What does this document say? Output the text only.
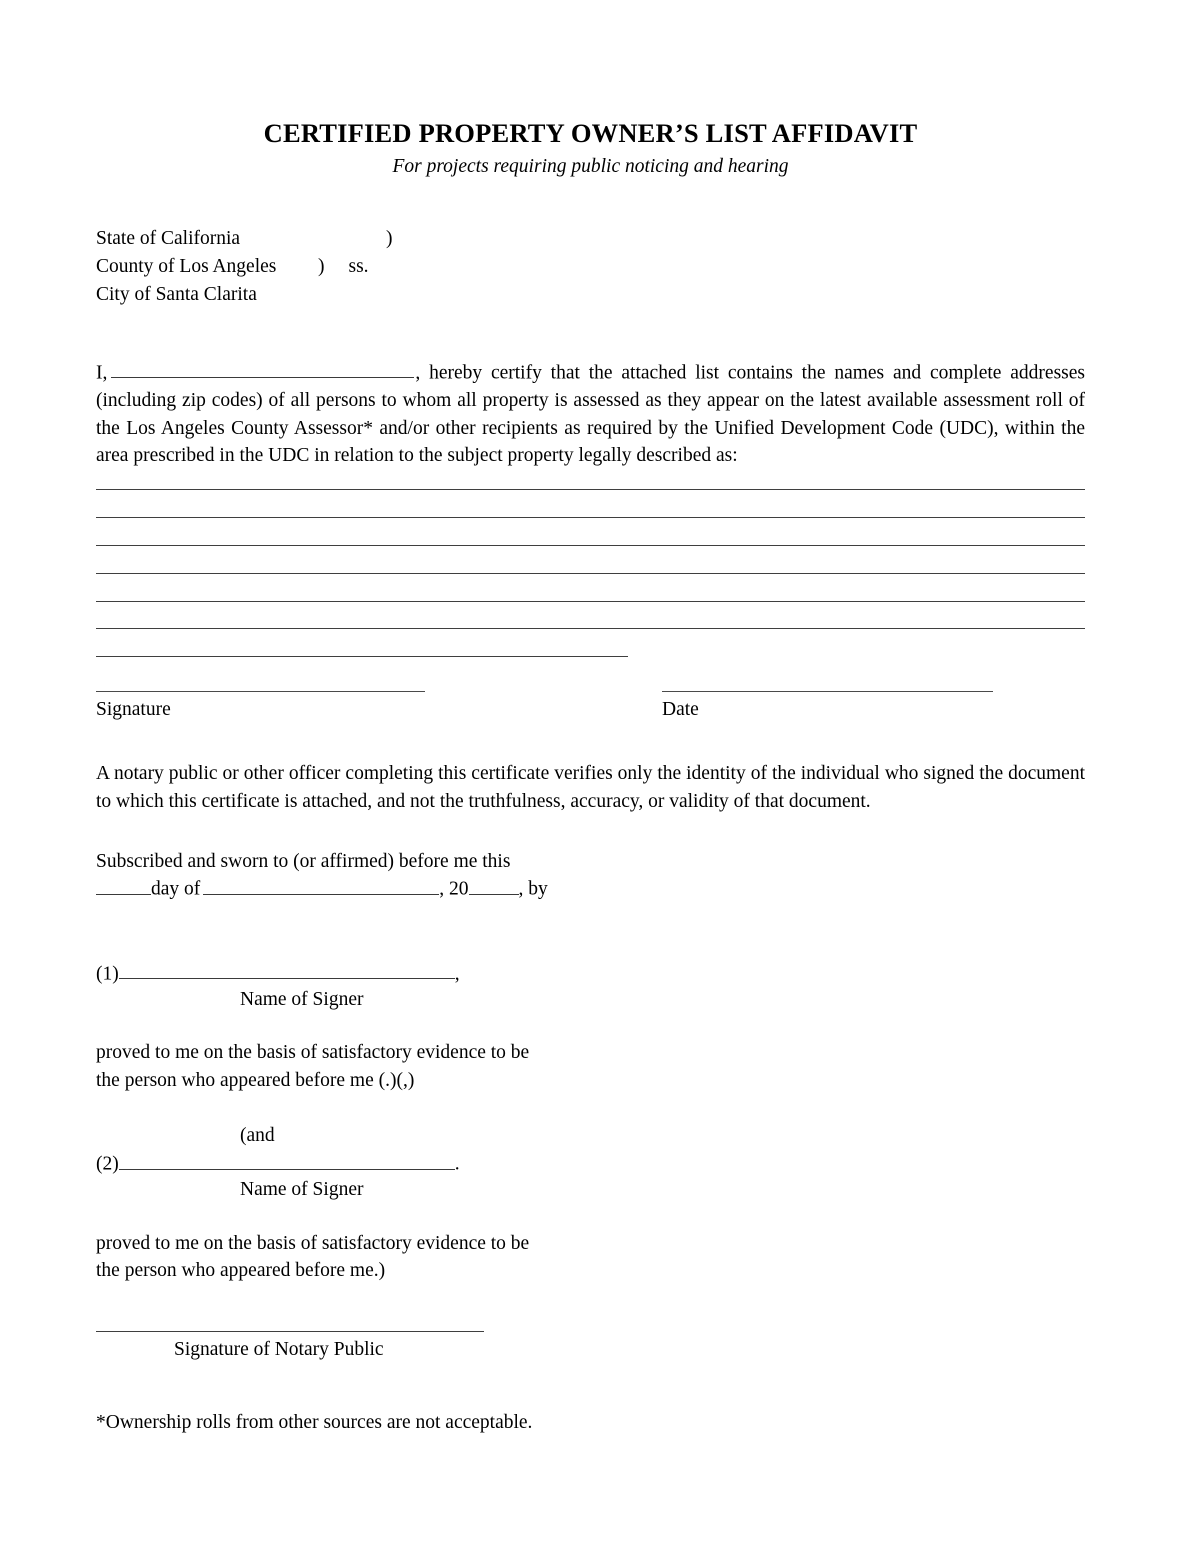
CERTIFIED PROPERTY OWNER’S LIST AFFIDAVIT
For projects requiring public noticing and hearing
State of California	)
County of Los Angeles ) ss.
City of Santa Clarita

I,	, hereby certify that the attached list contains the names and complete addresses (including zip codes) of all persons to whom all property is assessed as they appear on the latest available assessment roll of the Los Angeles County Assessor* and/or other recipients as required by the Unified Development Code (UDC), within the area prescribed in the UDC in relation to the subject property legally described as:

Signature	Date

A notary public or other officer completing this certificate verifies only the identity of the individual who signed the document to which this certificate is attached, and not the truthfulness, accuracy, or validity of that document.

Subscribed and sworn to (or affirmed) before me this
day of	, 20	, by
(1)	,
Name of Signer
proved to me on the basis of satisfactory evidence to be
the person who appeared before me (.)(,)
(and
(2)	.
Name of Signer
proved to me on the basis of satisfactory evidence to be
the person who appeared before me.)
Signature of Notary Public
*Ownership rolls from other sources are not acceptable.
